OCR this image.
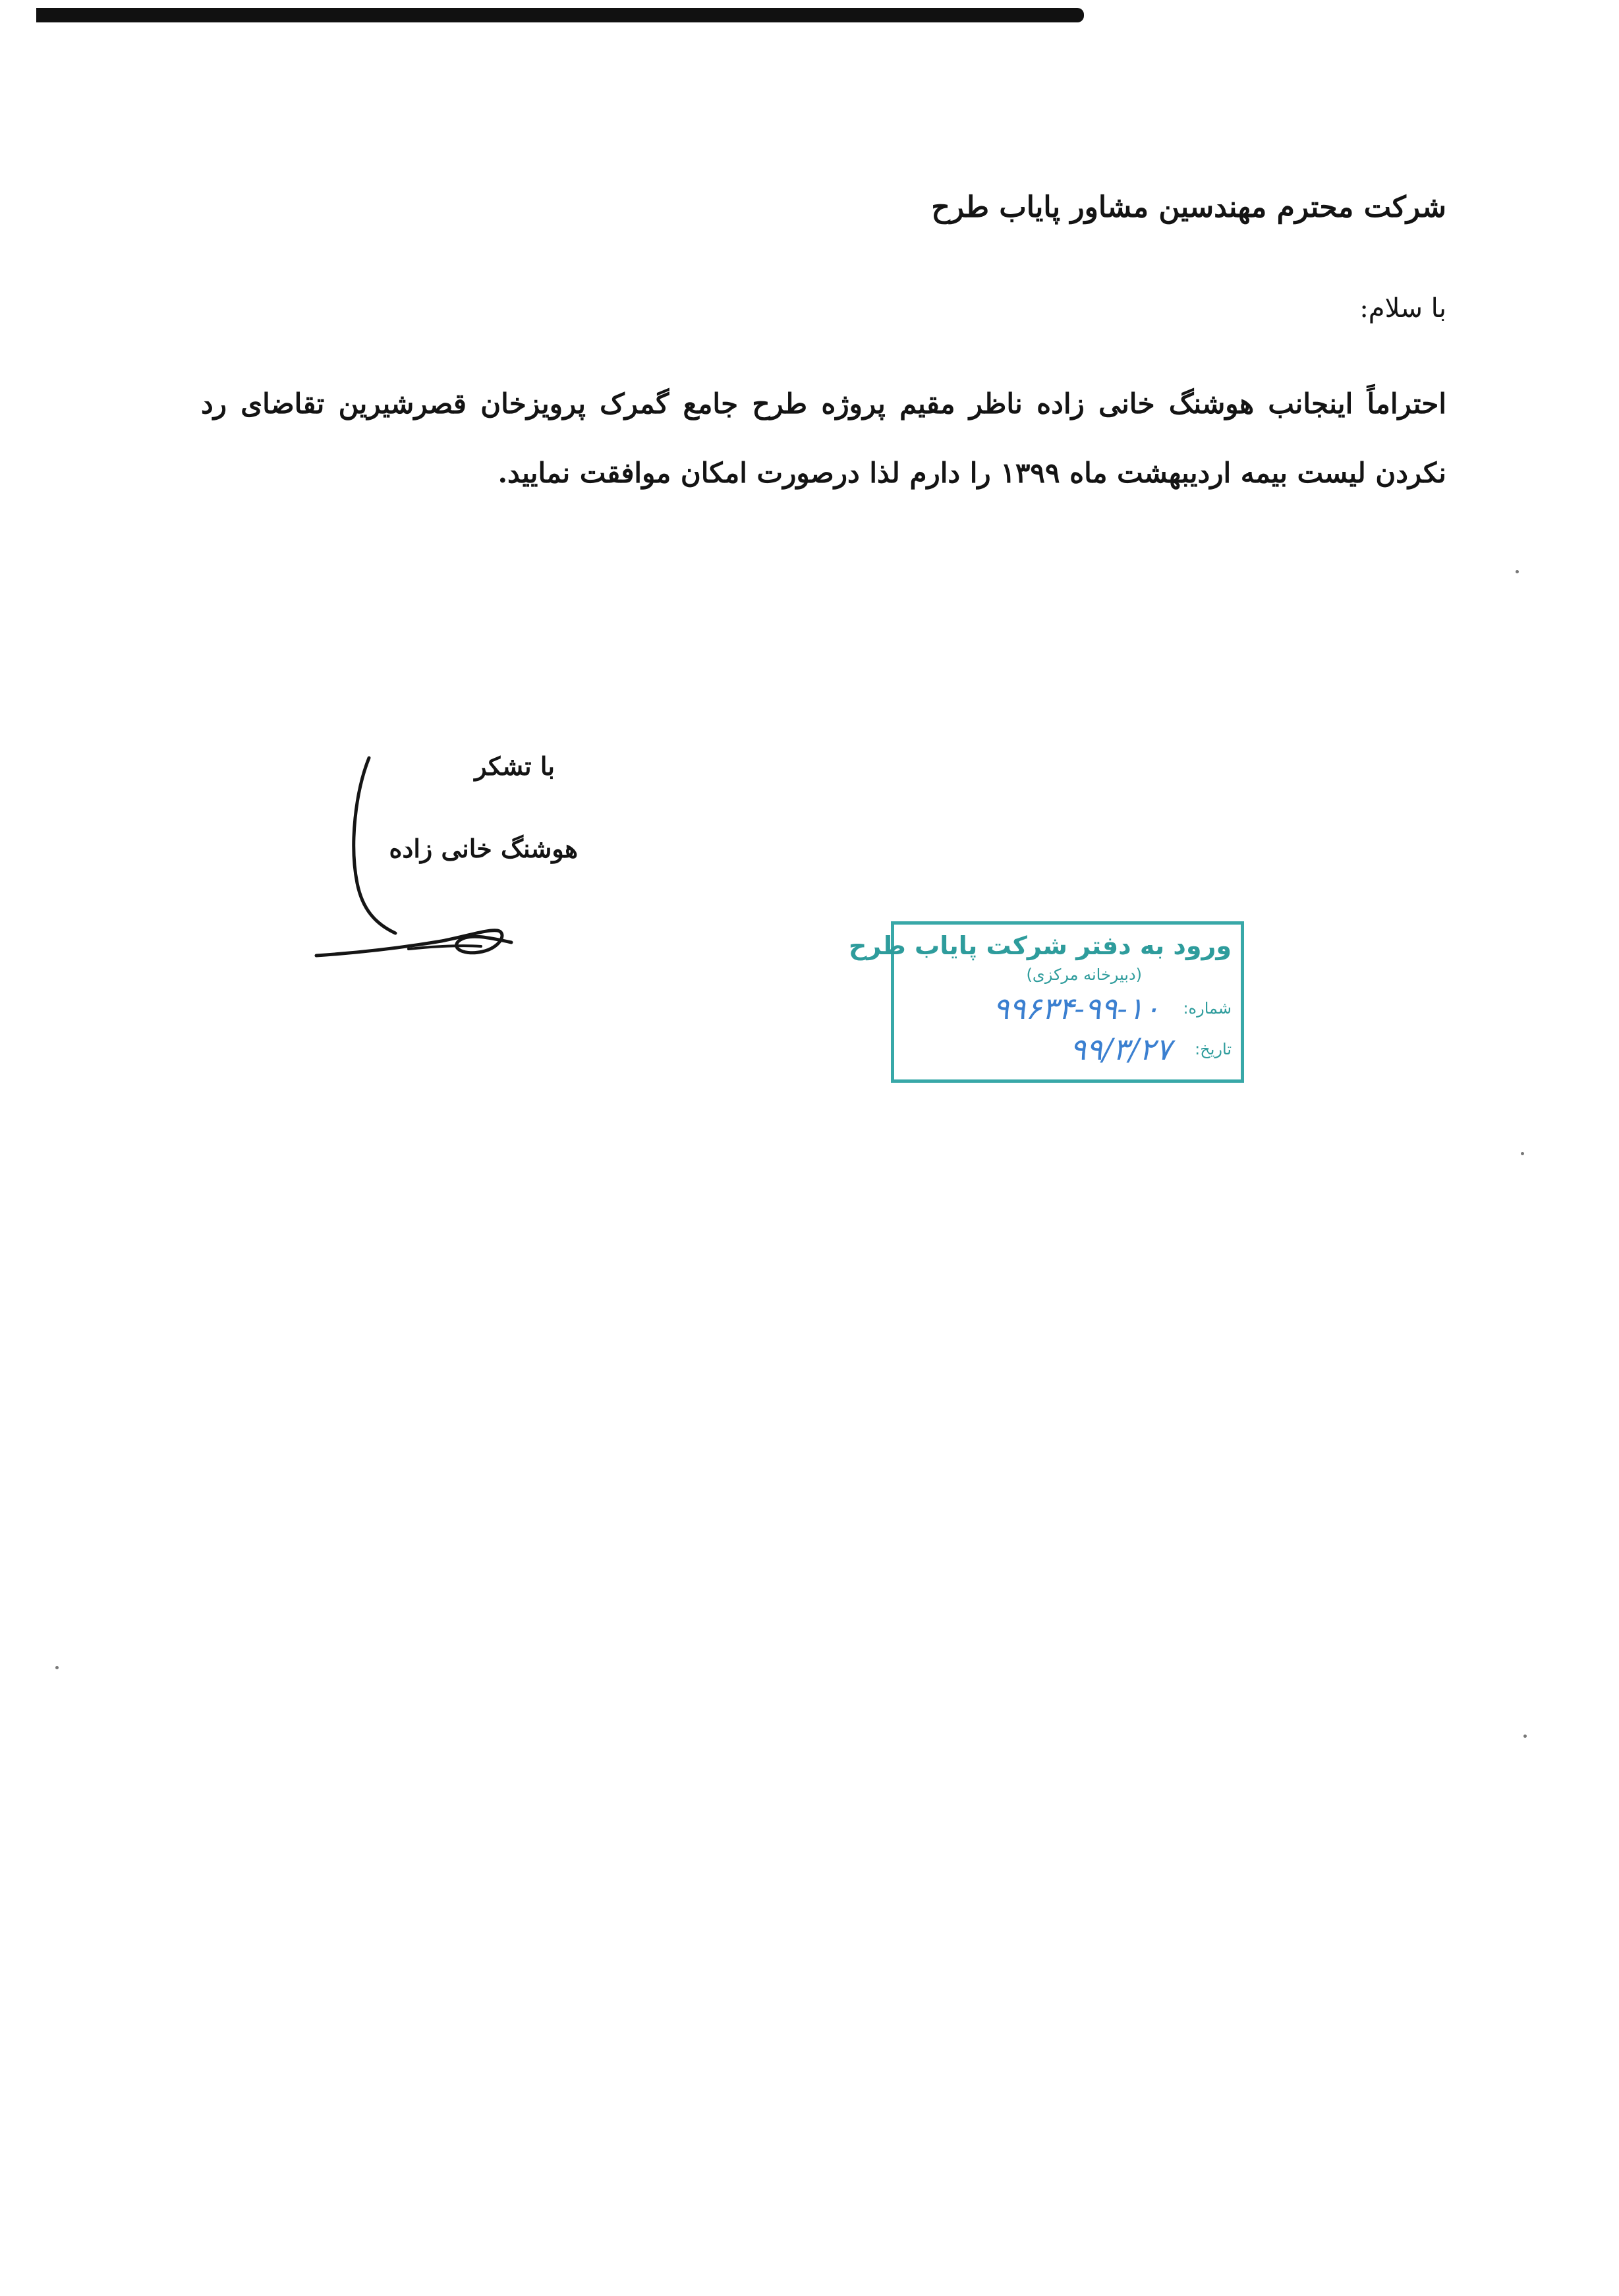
شرکت محترم مهندسین مشاور پایاب طرح
با سلام:
احتراماً اینجانب هوشنگ خانی زاده ناظر مقیم پروژه طرح جامع گمرک پرویزخان قصرشیرین تقاضای رد نکردن لیست بیمه اردیبهشت ماه ۱۳۹۹ را دارم لذا درصورت امکان موافقت نمایید.
با تشکر
هوشنگ خانی زاده
ورود به دفتر شرکت پایاب طرح
(دبیرخانه مرکزی)
شماره: ۱۰-۹۹-۹۹۶۳۴
تاریخ: ۹۹/۳/۲۷
